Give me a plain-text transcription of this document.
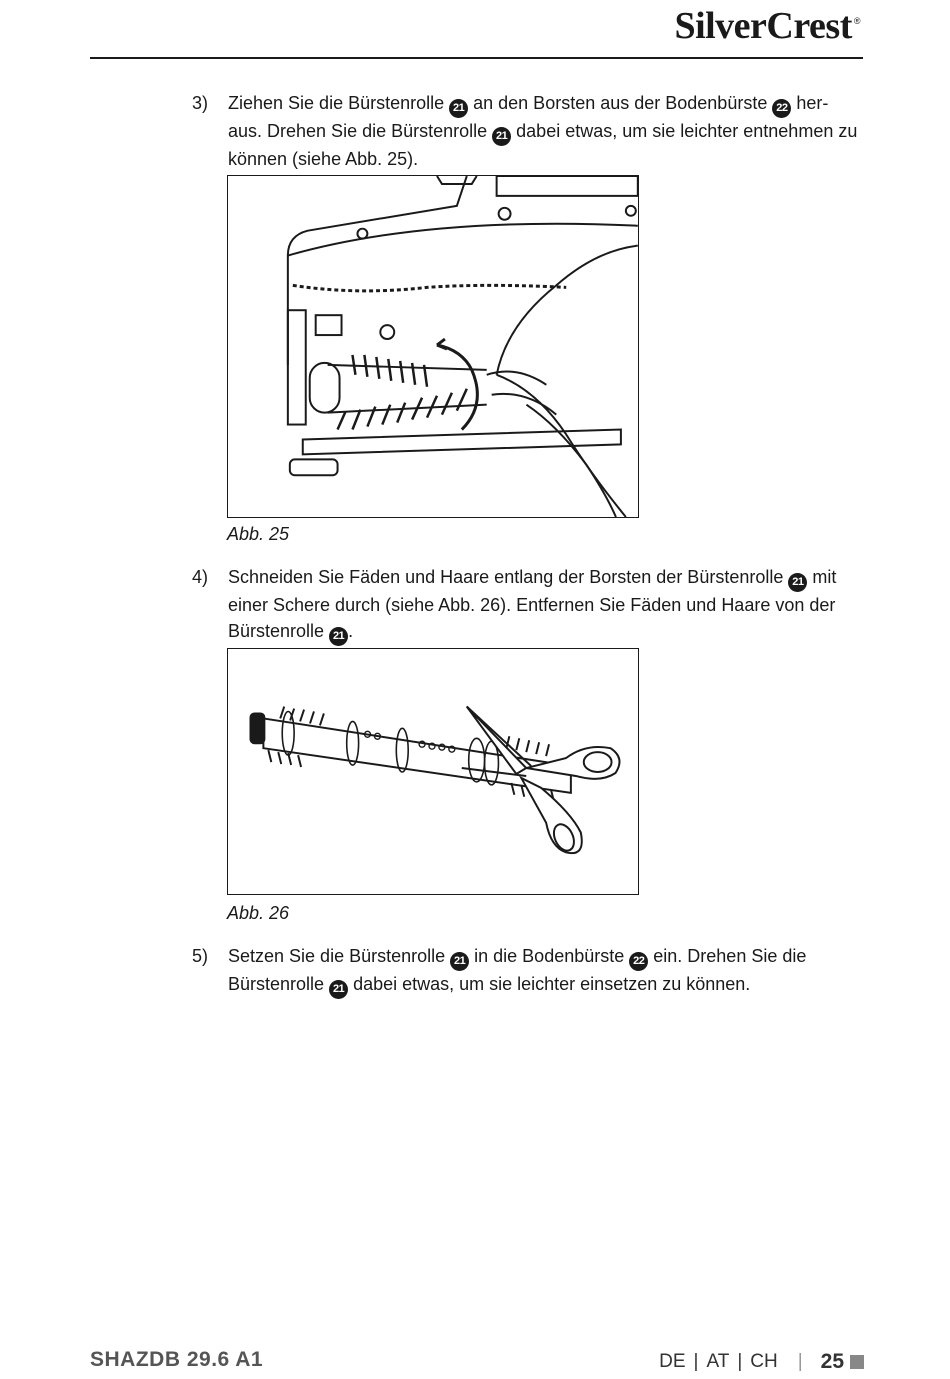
SilverCrest ®
3) Ziehen Sie die Bürstenrolle 21 an den Borsten aus der Bodenbürste 22 her-aus. Drehen Sie die Bürstenrolle 21 dabei etwas, um sie leichter entnehmen zu können (siehe Abb. 25).
Abb. 25
4) Schneiden Sie Fäden und Haare entlang der Borsten der Bürstenrolle 21 mit einer Schere durch (siehe Abb. 26). Entfernen Sie Fäden und Haare von der Bürstenrolle 21 .
Abb. 26
5) Setzen Sie die Bürstenrolle 21 in die Bodenbürste 22 ein. Drehen Sie die Bürstenrolle 21 dabei etwas, um sie leichter einsetzen zu können.
SHAZDB 29.6 A1	DE | AT | CH | 25
